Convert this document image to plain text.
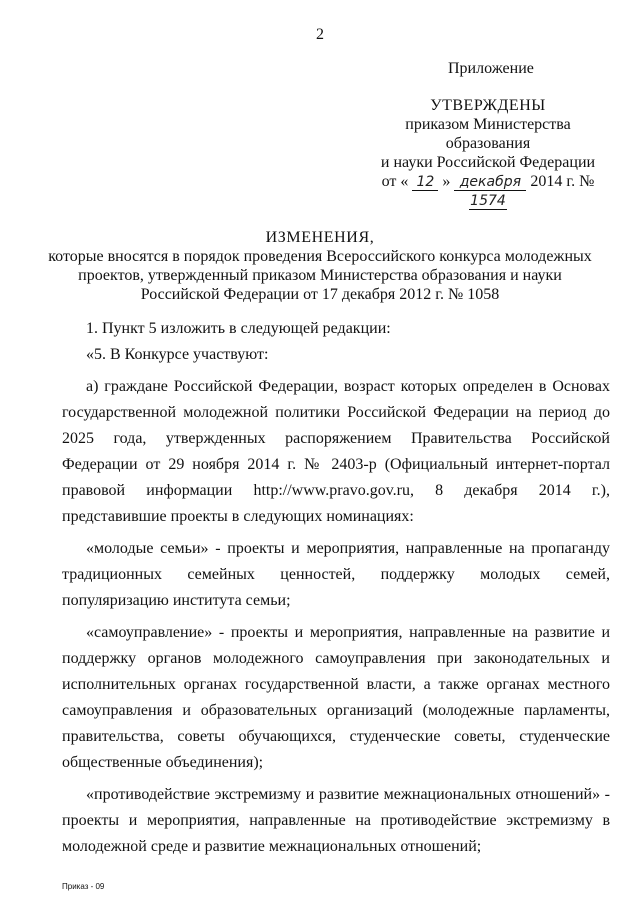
2
Приложение
УТВЕРЖДЕНЫ
приказом Министерства образования
и науки Российской Федерации
от « 12 » декабря 2014 г. № 1574
ИЗМЕНЕНИЯ,
которые вносятся в порядок проведения Всероссийского конкурса молодежных
проектов, утвержденный приказом Министерства образования и науки
Российской Федерации от 17 декабря 2012 г. № 1058

1. Пункт 5 изложить в следующей редакции:

«5. В Конкурсе участвуют:

а) граждане Российской Федерации, возраст которых определен в Основах государственной молодежной политики Российской Федерации на период до 2025 года, утвержденных распоряжением Правительства Российской Федерации от 29 ноября 2014 г. № 2403-р (Официальный интернет-портал правовой информации http://www.pravo.gov.ru, 8 декабря 2014 г.), представившие проекты в следующих номинациях:

«молодые семьи» - проекты и мероприятия, направленные на пропаганду традиционных семейных ценностей, поддержку молодых семей, популяризацию института семьи;

«самоуправление» - проекты и мероприятия, направленные на развитие и поддержку органов молодежного самоуправления при законодательных и исполнительных органах государственной власти, а также органах местного самоуправления и образовательных организаций (молодежные парламенты, правительства, советы обучающихся, студенческие советы, студенческие общественные объединения);

«противодействие экстремизму и развитие межнациональных отношений» - проекты и мероприятия, направленные на противодействие экстремизму в молодежной среде и развитие межнациональных отношений;

Приказ - 09
